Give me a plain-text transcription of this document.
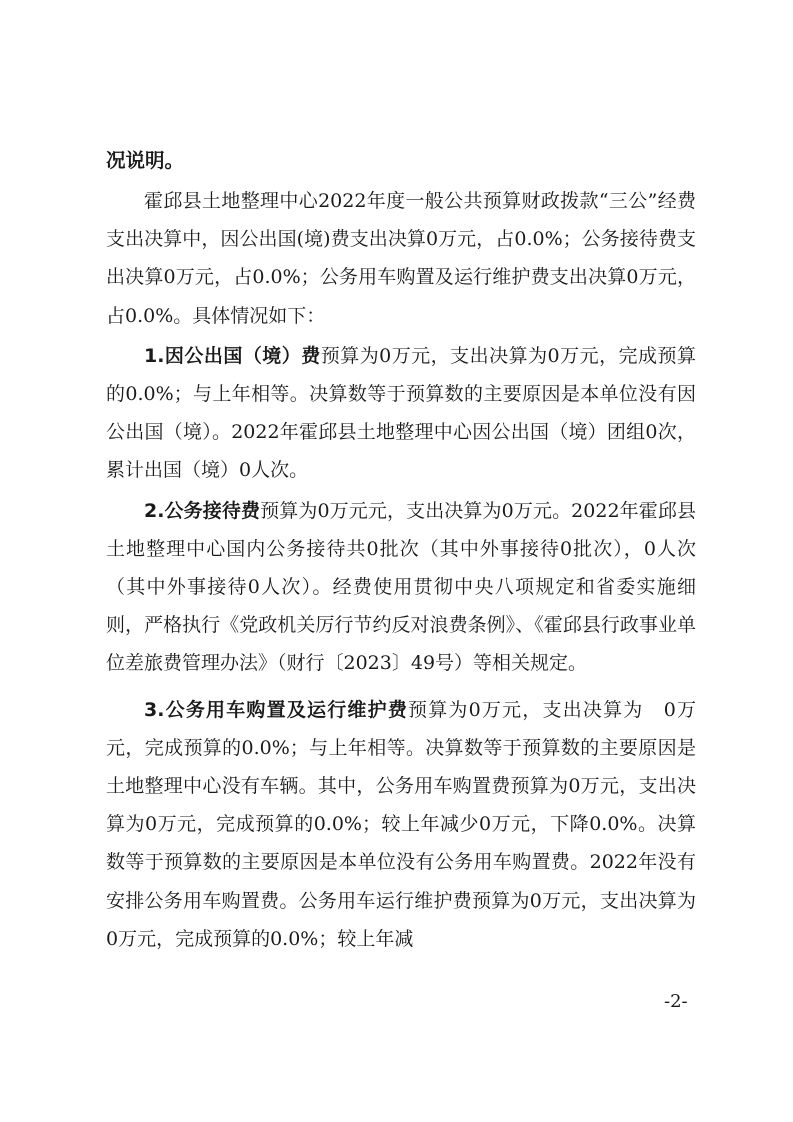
况说明。

霍邱县土地整理中心2022年度一般公共预算财政拨款“三公”经费支出决算中，因公出国(境)费支出决算0万元，占0.0%；公务接待费支出决算0万元，占0.0%；公务用车购置及运行维护费支出决算0万元，占0.0%。具体情况如下：

1.因公出国（境）费预算为0万元，支出决算为0万元，完成预算的0.0%；与上年相等。决算数等于预算数的主要原因是本单位没有因公出国（境）。2022年霍邱县土地整理中心因公出国（境）团组0次，累计出国（境）0人次。

2.公务接待费预算为0万元元，支出决算为0万元。2022年霍邱县土地整理中心国内公务接待共0批次（其中外事接待0批次），0人次（其中外事接待0人次）。经费使用贯彻中央八项规定和省委实施细则，严格执行《党政机关厉行节约反对浪费条例》、《霍邱县行政事业单位差旅费管理办法》（财行〔2023〕49号）等相关规定。

3.公务用车购置及运行维护费预算为0万元，支出决算为　0万元，完成预算的0.0%；与上年相等。决算数等于预算数的主要原因是土地整理中心没有车辆。其中，公务用车购置费预算为0万元，支出决算为0万元，完成预算的0.0%；较上年减少0万元，下降0.0%。决算数等于预算数的主要原因是本单位没有公务用车购置费。2022年没有安排公务用车购置费。公务用车运行维护费预算为0万元，支出决算为0万元，完成预算的0.0%；较上年减

-2-
